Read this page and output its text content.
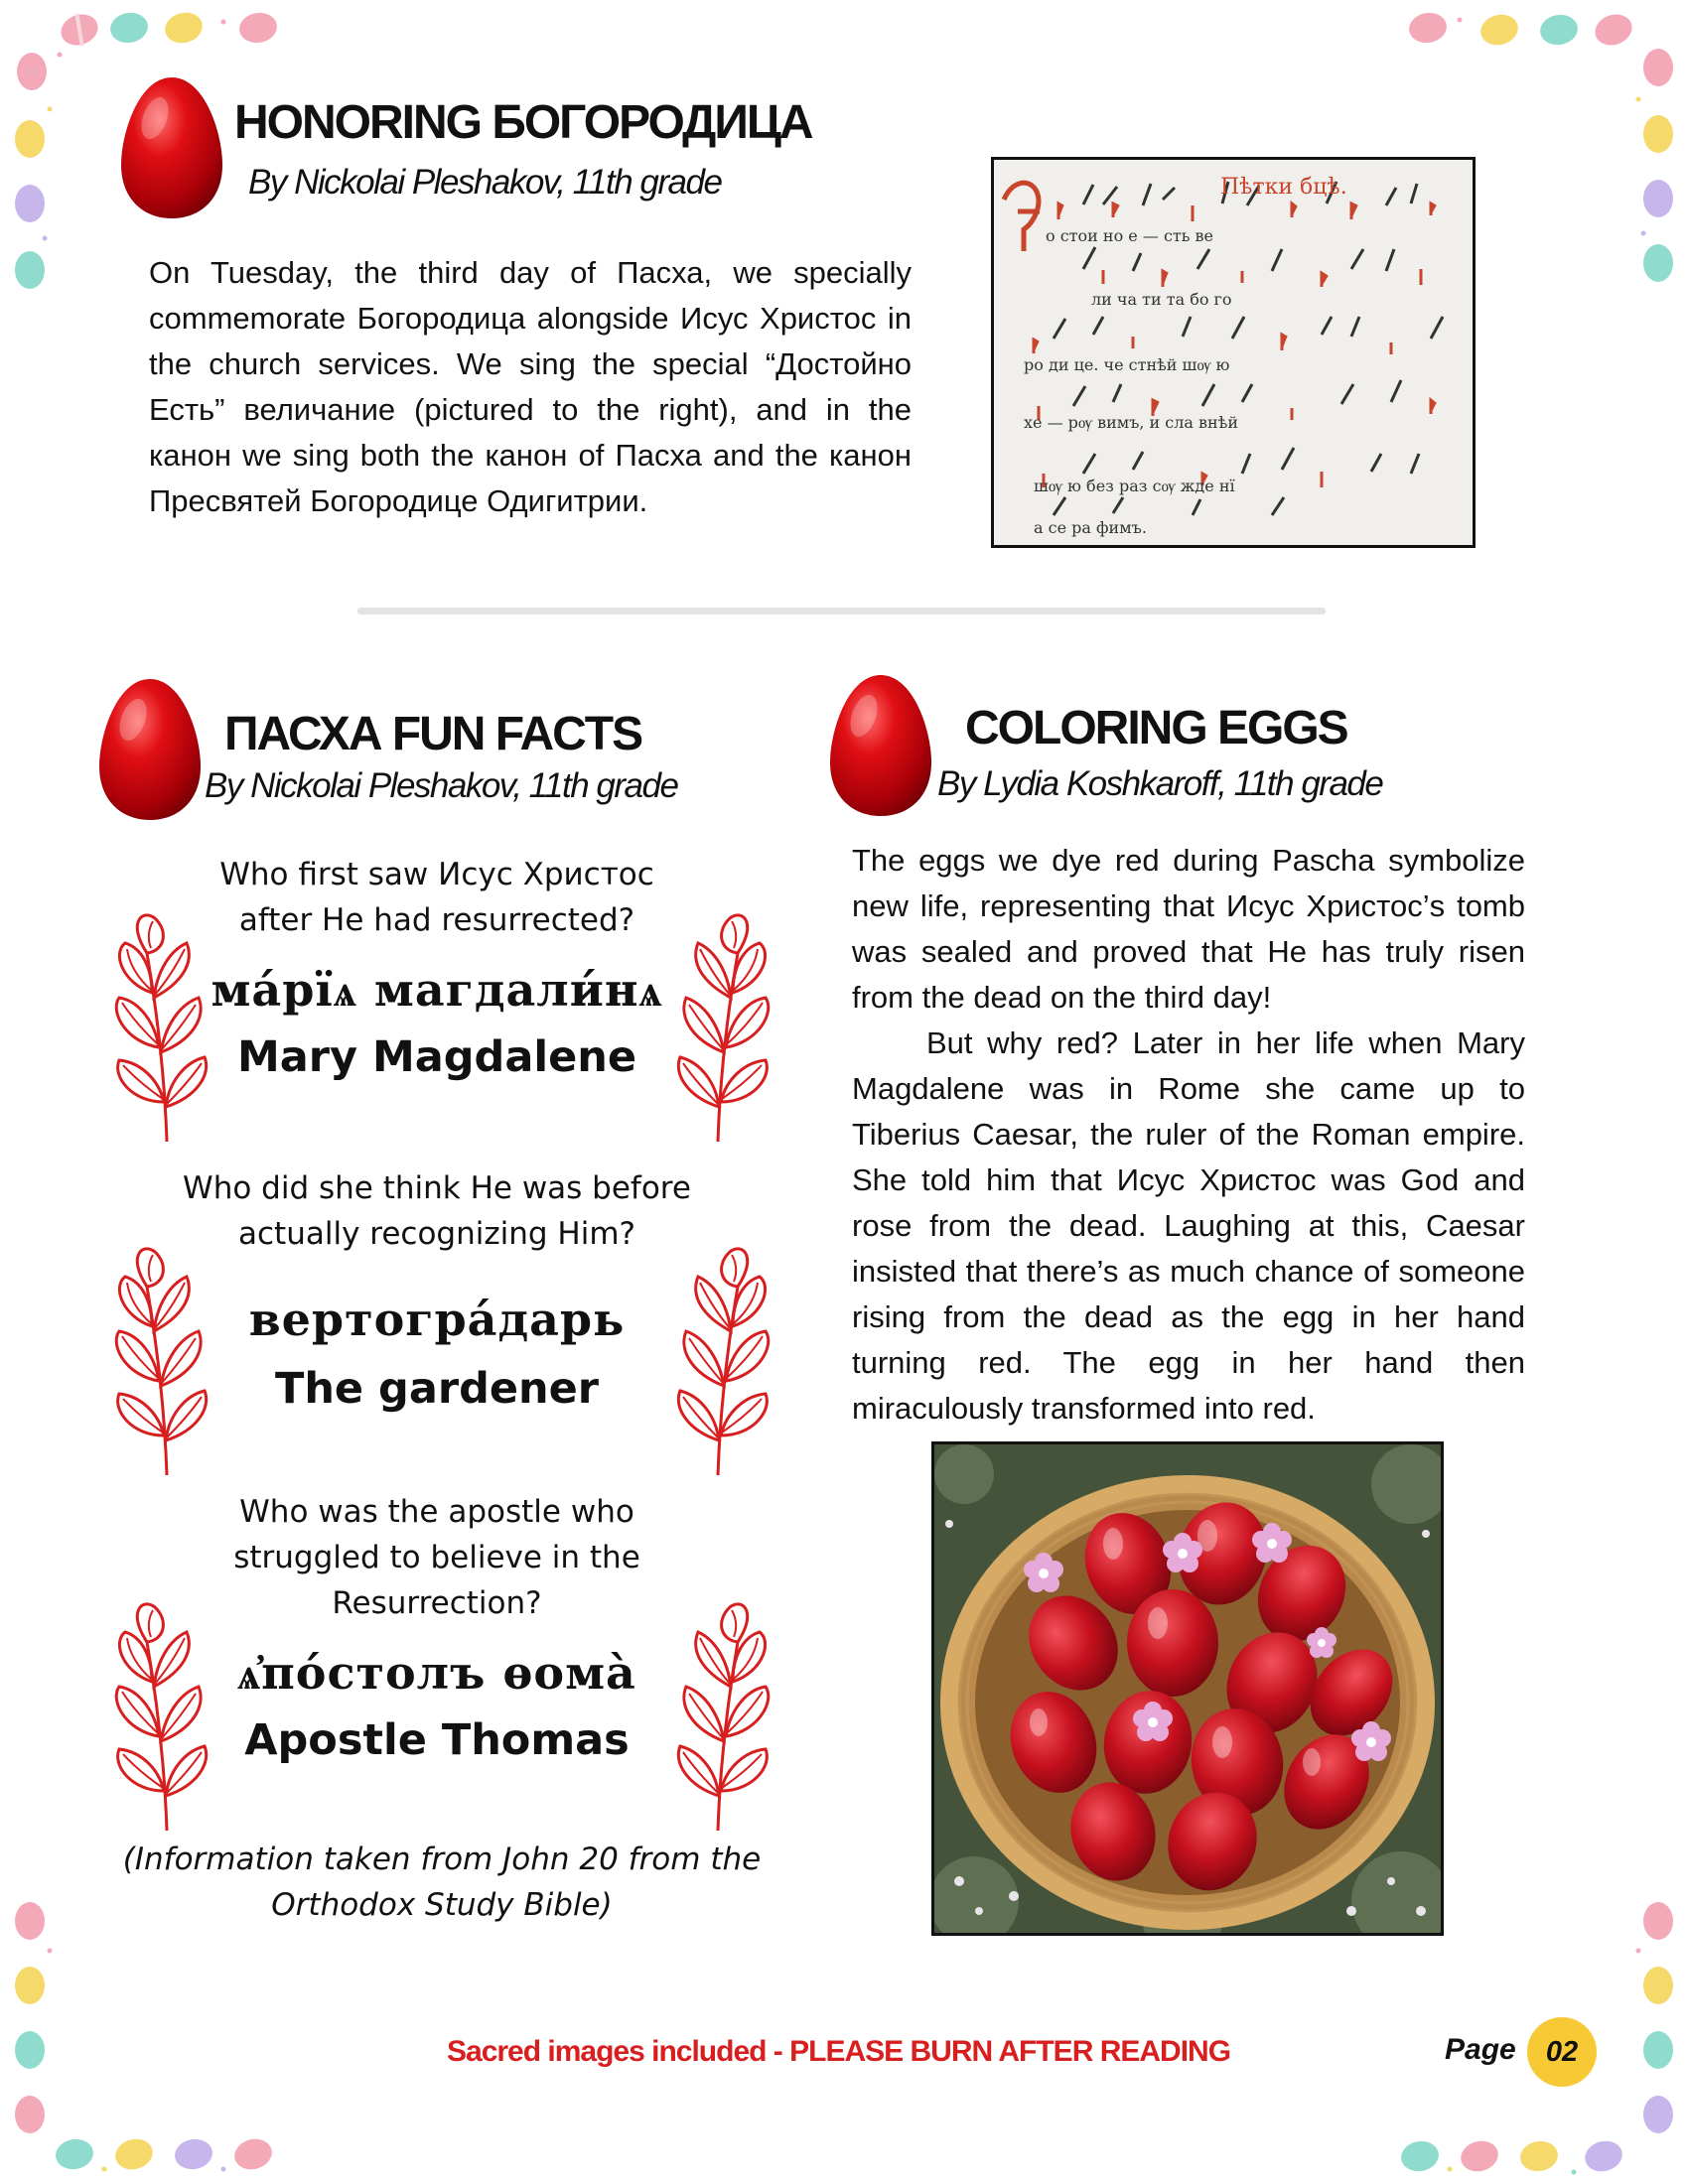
HONORING БОГОРОДИЦА
By Nickolai Pleshakov, 11th grade

On Tuesday, the third day of Пасха, we specially commemorate Богородица alongside Исус Христос in the church services. We sing the special “Достойно Есть” величание (pictured to the right), and in the канон we sing both the канон of Пасха and the канон Пресвятей Богородице Одигитрии.

Пѣтки бцѣ.
о стои но е — сть ве
ли ча ти та бо го
ро ди це. че стнѣй шѹ ю
хе — рѹ вимъ, и сла внѣй
шѹ ю без раз сѹ жде нї
а се ра фимъ.
ПАСХА FUN FACTS
By Nickolai Pleshakov, 11th grade
Who first saw Исус Христос after He had resurrected?
ма́рїѧ магдали́нѧ
Mary Magdalene
Who did she think He was before actually recognizing Him?
вертогра́дарь
The gardener
Who was the apostle who struggled to believe in the Resurrection?
ѧ҆по́столъ ѳома̀
Apostle Thomas
(Information taken from John 20 from the Orthodox Study Bible)
COLORING EGGS
By Lydia Koshkaroff, 11th grade

The eggs we dye red during Pascha symbolize new life, representing that Исус Христос’s tomb was sealed and proved that He has truly risen from the dead on the third day!

But why red? Later in her life when Mary Magdalene was in Rome she came up to Tiberius Caesar, the ruler of the Roman empire. She told him that Исус Христос was God and rose from the dead. Laughing at this, Caesar insisted that there’s as much chance of someone rising from the dead as the egg in her hand turning red. The egg in her hand then miraculously transformed into red.

Sacred images included - PLEASE BURN AFTER READING	Page	02
